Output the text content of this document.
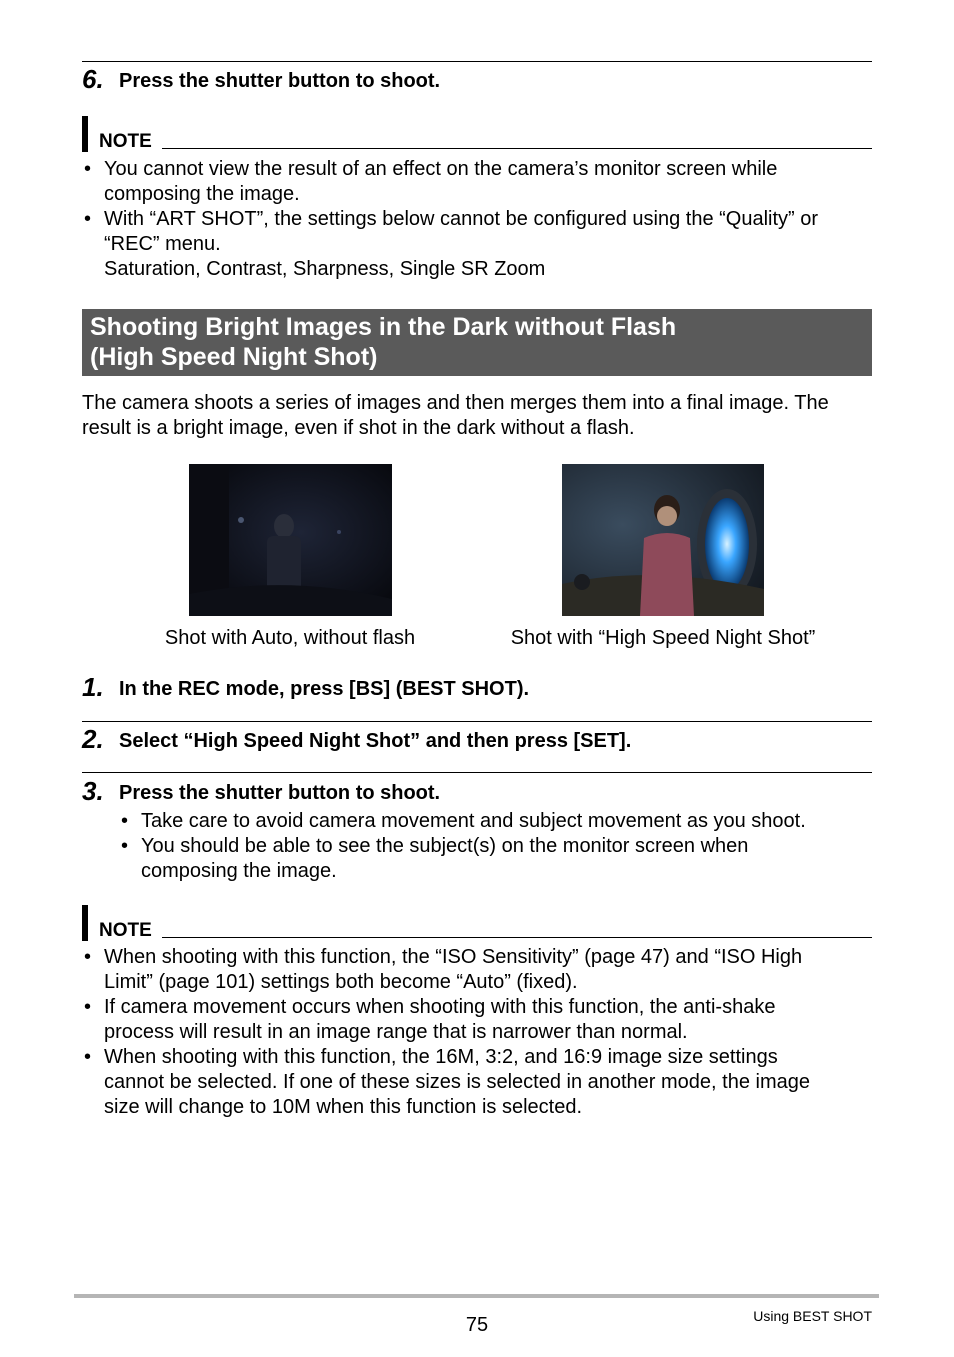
6. Press the shutter button to shoot.
NOTE
• You cannot view the result of an effect on the camera’s monitor screen while
composing the image.
• With “ART SHOT”, the settings below cannot be configured using the “Quality” or
“REC” menu.
Saturation, Contrast, Sharpness, Single SR Zoom
Shooting Bright Images in the Dark without Flash
(High Speed Night Shot)
The camera shoots a series of images and then merges them into a final image. The
result is a bright image, even if shot in the dark without a flash.
Shot with Auto, without flash	Shot with “High Speed Night Shot”
1. In the REC mode, press [BS] (BEST SHOT).
2. Select “High Speed Night Shot” and then press [SET].
3. Press the shutter button to shoot.
• Take care to avoid camera movement and subject movement as you shoot.
• You should be able to see the subject(s) on the monitor screen when
composing the image.
NOTE
• When shooting with this function, the “ISO Sensitivity” (page 47) and “ISO High
Limit” (page 101) settings both become “Auto” (fixed).
• If camera movement occurs when shooting with this function, the anti-shake
process will result in an image range that is narrower than normal.
• When shooting with this function, the 16M, 3:2, and 16:9 image size settings
cannot be selected. If one of these sizes is selected in another mode, the image
size will change to 10M when this function is selected.
75	Using BEST SHOT
